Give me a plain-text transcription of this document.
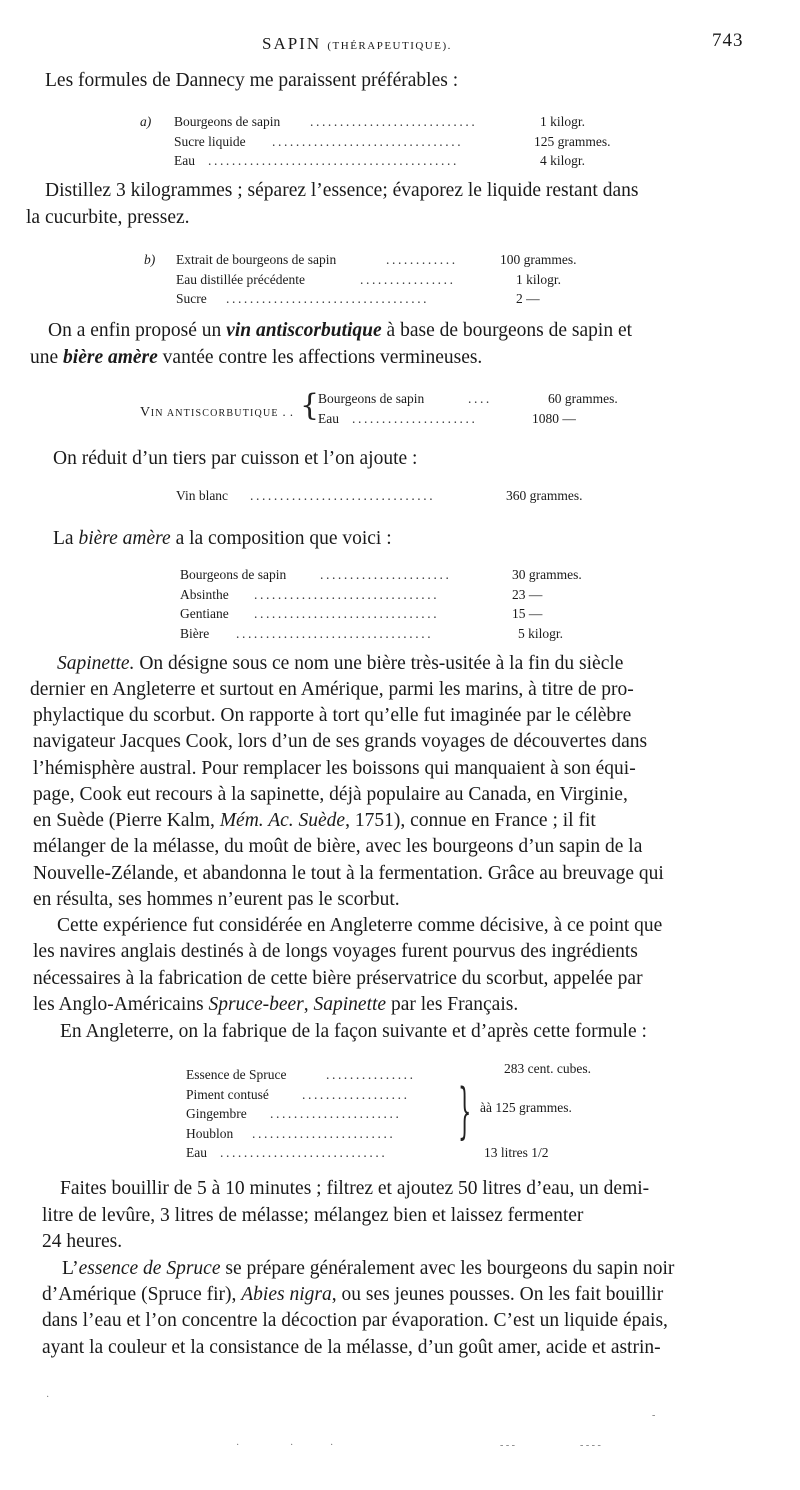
SAPIN (THÉRAPEUTIQUE).	743

Les formules de Dannecy me paraissent préférables :

a) Bourgeons de sapin ............................	1 kilogr.
Sucre liquide ................................	125 grammes.
Eau ..........................................	4 kilogr.

Distillez 3 kilogrammes ; séparez l’essence; évaporez le liquide restant dans

la cucurbite, pressez.

b) Extrait de bourgeons de sapin	............	100 grammes.
Eau distillée précédente	................	1 kilogr.
Sucre ..................................	2 —

On a enfin proposé un vin antiscorbutique à base de bourgeons de sapin et

une bière amère vantée contre les affections vermineuses.

VIN ANTISCORBUTIQUE . . {
Bourgeons de sapin	....	60 grammes.
Eau .....................	1080 —

On réduit d’un tiers par cuisson et l’on ajoute :

Vin blanc ...............................	360 grammes.

La bière amère a la composition que voici :

Bourgeons de sapin	......................	30 grammes.
Absinthe ...............................	23 —
Gentiane ...............................	15 —
Bière .................................	5 kilogr.

Sapinette. On désigne sous ce nom une bière très-usitée à la fin du siècle

dernier en Angleterre et surtout en Amérique, parmi les marins, à titre de pro-

phylactique du scorbut. On rapporte à tort qu’elle fut imaginée par le célèbre

navigateur Jacques Cook, lors d’un de ses grands voyages de découvertes dans

l’hémisphère austral. Pour remplacer les boissons qui manquaient à son équi-

page, Cook eut recours à la sapinette, déjà populaire au Canada, en Virginie,

en Suède (Pierre Kalm, Mém. Ac. Suède, 1751), connue en France ; il fit

mélanger de la mélasse, du moût de bière, avec les bourgeons d’un sapin de la

Nouvelle-Zélande, et abandonna le tout à la fermentation. Grâce au breuvage qui

en résulta, ses hommes n’eurent pas le scorbut.

Cette expérience fut considérée en Angleterre comme décisive, à ce point que

les navires anglais destinés à de longs voyages furent pourvus des ingrédients

nécessaires à la fabrication de cette bière préservatrice du scorbut, appelée par

les Anglo-Américains Spruce-beer, Sapinette par les Français.

En Angleterre, on la fabrique de la façon suivante et d’après cette formule :

Essence de Spruce	...............	283 cent. cubes.
Piment contusé ..................
Gingembre ......................
Houblon ........................
Eau ............................	13 litres 1/2
} àà 125 grammes.

Faites bouillir de 5 à 10 minutes ; filtrez et ajoutez 50 litres d’eau, un demi-

litre de levûre, 3 litres de mélasse; mélangez bien et laissez fermenter

24 heures.

L’essence de Spruce se prépare généralement avec les bourgeons du sapin noir

d’Amérique (Spruce fir), Abies nigra, ou ses jeunes pousses. On les fait bouillir

dans l’eau et l’on concentre la décoction par évaporation. C’est un liquide épais,

ayant la couleur et la consistance de la mélasse, d’un goût amer, acide et astrin-

·
-
·	·	·	- - -	- - - -
